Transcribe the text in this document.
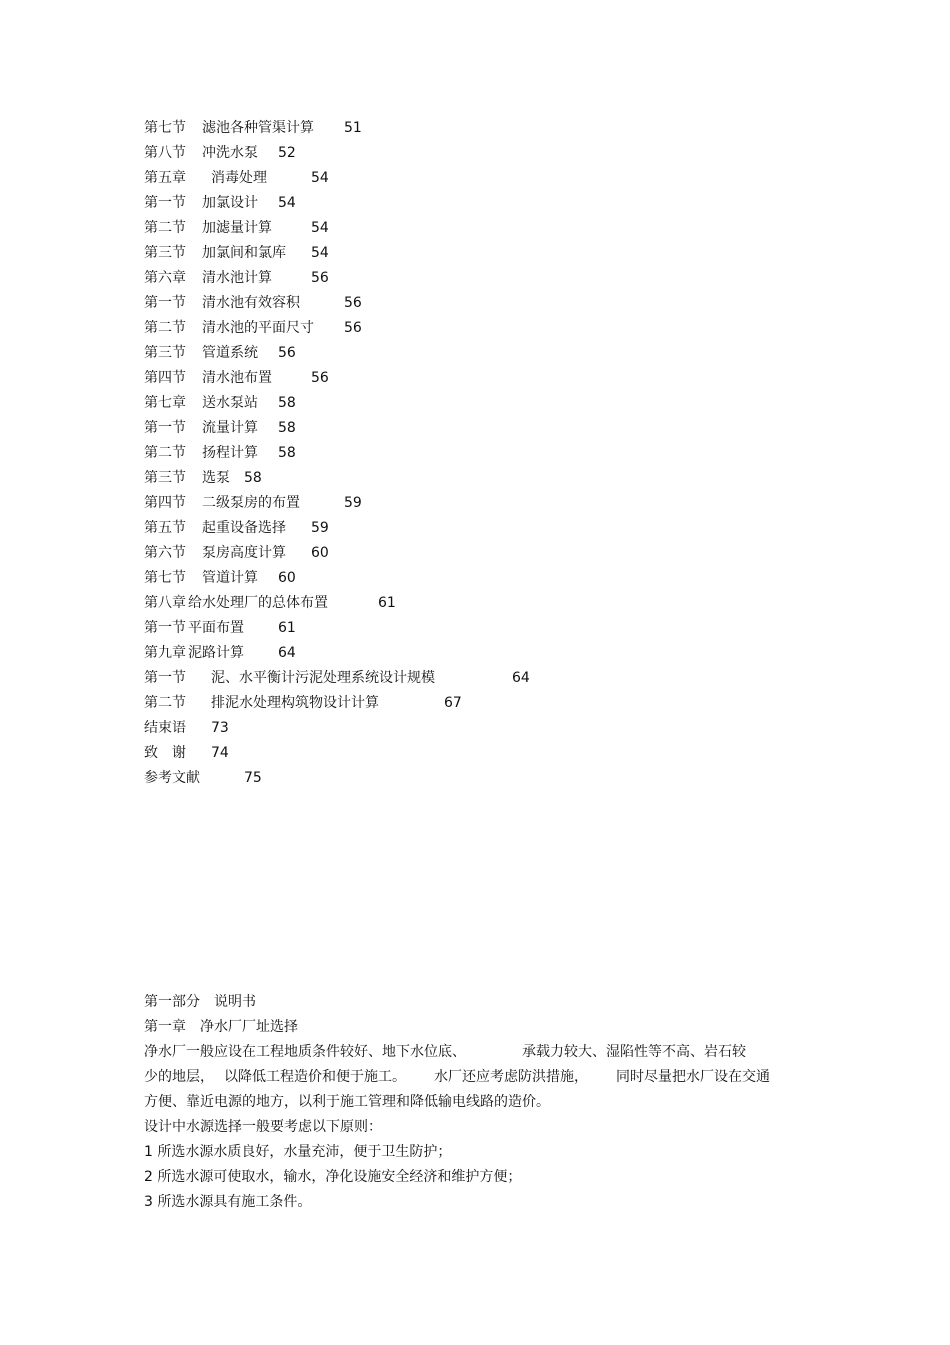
第七节 滤池各种管渠计算 51
第八节 冲洗水泵 52
第五章 消毒处理	54
第一节 加氯设计 54
第二节 加滤量计算	54
第三节 加氯间和氯库 54
第六章 清水池计算	56
第一节 清水池有效容积	56
第二节 清水池的平面尺寸 56
第三节 管道系统 56
第四节 清水池布置	56
第七章 送水泵站 58
第一节 流量计算 58
第二节 扬程计算 58
第三节 选泵 58
第四节 二级泵房的布置	59
第五节 起重设备选择 59
第六节 泵房高度计算 60
第七节 管道计算 60
第八章 给水处理厂的总体布置	61
第一节 平面布置 61
第九章 泥路计算 64
第一节 泥、水平衡计污泥处理系统设计规模	64
第二节 排泥水处理构筑物设计计算	67
结束语 73
致　谢 74
参考文献	75
第一部分　说明书
第一章　净水厂厂址选择
净水厂一般应设在工程地质条件较好、地下水位底、	承载力较大、湿陷性等不高、岩石较
少的地层， 以降低工程造价和便于施工。 水厂还应考虑防洪措施， 同时尽量把水厂设在交通
方便、靠近电源的地方，以利于施工管理和降低输电线路的造价。
设计中水源选择一般要考虑以下原则：
1 所选水源水质良好，水量充沛，便于卫生防护；
2 所选水源可使取水，输水，净化设施安全经济和维护方便；
3 所选水源具有施工条件。
